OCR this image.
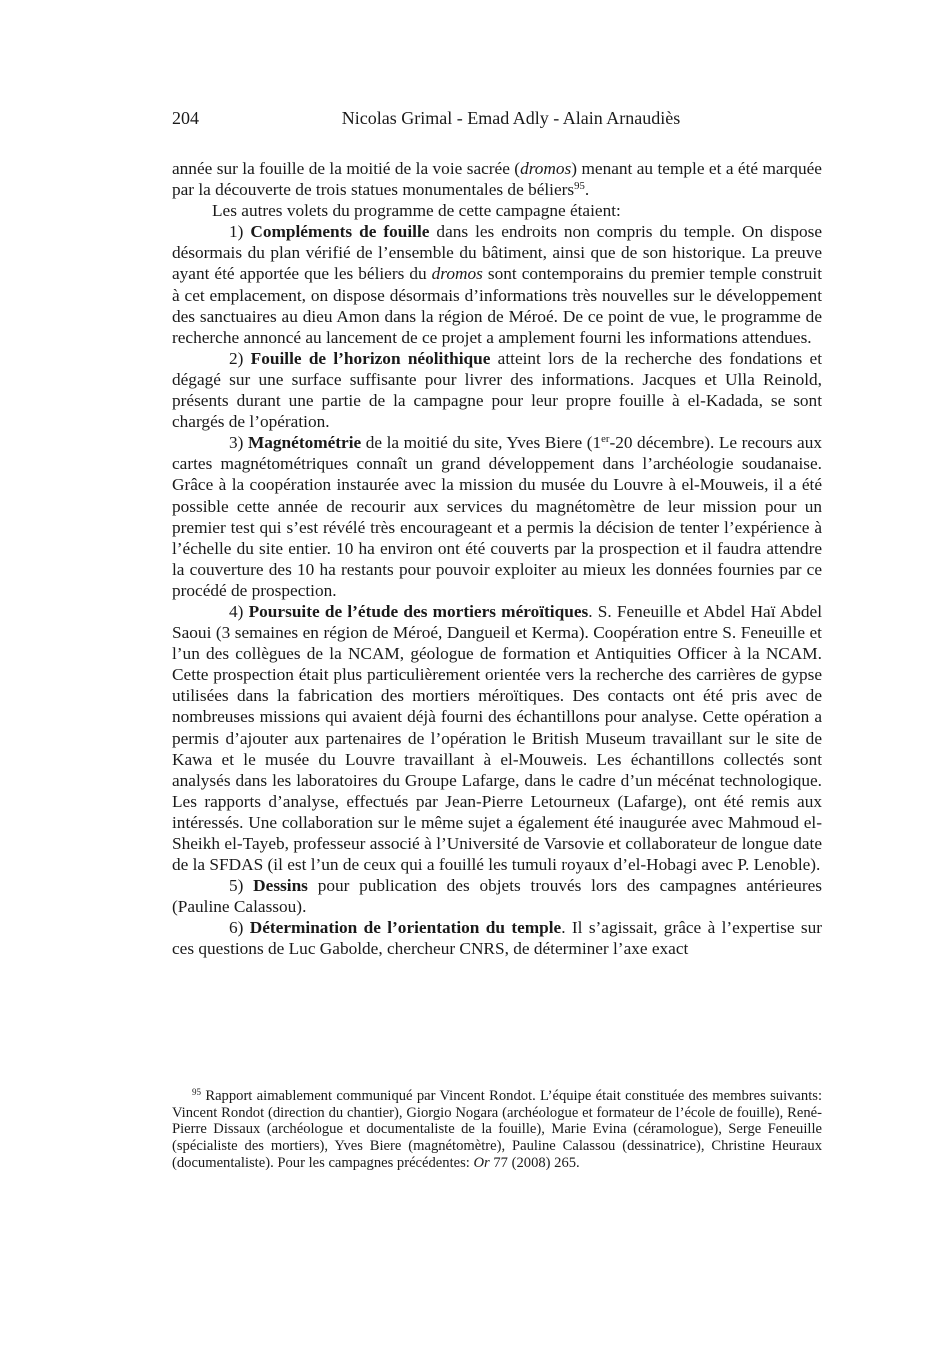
204	Nicolas Grimal - Emad Adly - Alain Arnaudiès

année sur la fouille de la moitié de la voie sacrée (dromos) menant au temple et a été marquée par la découverte de trois statues monumentales de béliers$^{95}$.

Les autres volets du programme de cette campagne étaient:

1) Compléments de fouille dans les endroits non compris du temple. On dispose désormais du plan vérifié de l’ensemble du bâtiment, ainsi que de son historique. La preuve ayant été apportée que les béliers du dromos sont contemporains du premier temple construit à cet emplacement, on dispose désormais d’informations très nouvelles sur le développement des sanctuaires au dieu Amon dans la région de Méroé. De ce point de vue, le programme de recherche annoncé au lancement de ce projet a amplement fourni les informations attendues.

2) Fouille de l’horizon néolithique atteint lors de la recherche des fondations et dégagé sur une surface suffisante pour livrer des informations. Jacques et Ulla Reinold, présents durant une partie de la campagne pour leur propre fouille à el-Kadada, se sont chargés de l’opération.

3) Magnétométrie de la moitié du site, Yves Biere (1er-20 décembre). Le recours aux cartes magnétométriques connaît un grand développement dans l’archéologie soudanaise. Grâce à la coopération instaurée avec la mission du musée du Louvre à el-Mouweis, il a été possible cette année de recourir aux services du magnétomètre de leur mission pour un premier test qui s’est révélé très encourageant et a permis la décision de tenter l’expérience à l’échelle du site entier. 10 ha environ ont été couverts par la prospection et il faudra attendre la couverture des 10 ha restants pour pouvoir exploiter au mieux les données fournies par ce procédé de prospection.

4) Poursuite de l’étude des mortiers méroïtiques. S. Feneuille et Abdel Haï Abdel Saoui (3 semaines en région de Méroé, Dangueil et Kerma). Coopération entre S. Feneuille et l’un des collègues de la NCAM, géologue de formation et Antiquities Officer à la NCAM. Cette prospection était plus particulièrement orientée vers la recherche des carrières de gypse utilisées dans la fabrication des mortiers méroïtiques. Des contacts ont été pris avec de nombreuses missions qui avaient déjà fourni des échantillons pour analyse. Cette opération a permis d’ajouter aux partenaires de l’opération le British Museum travaillant sur le site de Kawa et le musée du Louvre travaillant à el-Mouweis. Les échantillons collectés sont analysés dans les laboratoires du Groupe Lafarge, dans le cadre d’un mécénat technologique. Les rapports d’analyse, effectués par Jean-Pierre Letourneux (Lafarge), ont été remis aux intéressés. Une collaboration sur le même sujet a également été inaugurée avec Mahmoud el-Sheikh el-Tayeb, professeur associé à l’Université de Varsovie et collaborateur de longue date de la SFDAS (il est l’un de ceux qui a fouillé les tumuli royaux d’el-Hobagi avec P. Lenoble).

5) Dessins pour publication des objets trouvés lors des campagnes antérieures (Pauline Calassou).

6) Détermination de l’orientation du temple. Il s’agissait, grâce à l’expertise sur ces questions de Luc Gabolde, chercheur CNRS, de déterminer l’axe exact

$^{95}$ Rapport aimablement communiqué par Vincent Rondot. L’équipe était constituée des membres suivants: Vincent Rondot (direction du chantier), Giorgio Nogara (archéologue et formateur de l’école de fouille), René-Pierre Dissaux (archéologue et documentaliste de la fouille), Marie Evina (céramologue), Serge Feneuille (spécialiste des mortiers), Yves Biere (magnétomètre), Pauline Calassou (dessinatrice), Christine Heuraux (documentaliste). Pour les campagnes précédentes: Or 77 (2008) 265.
